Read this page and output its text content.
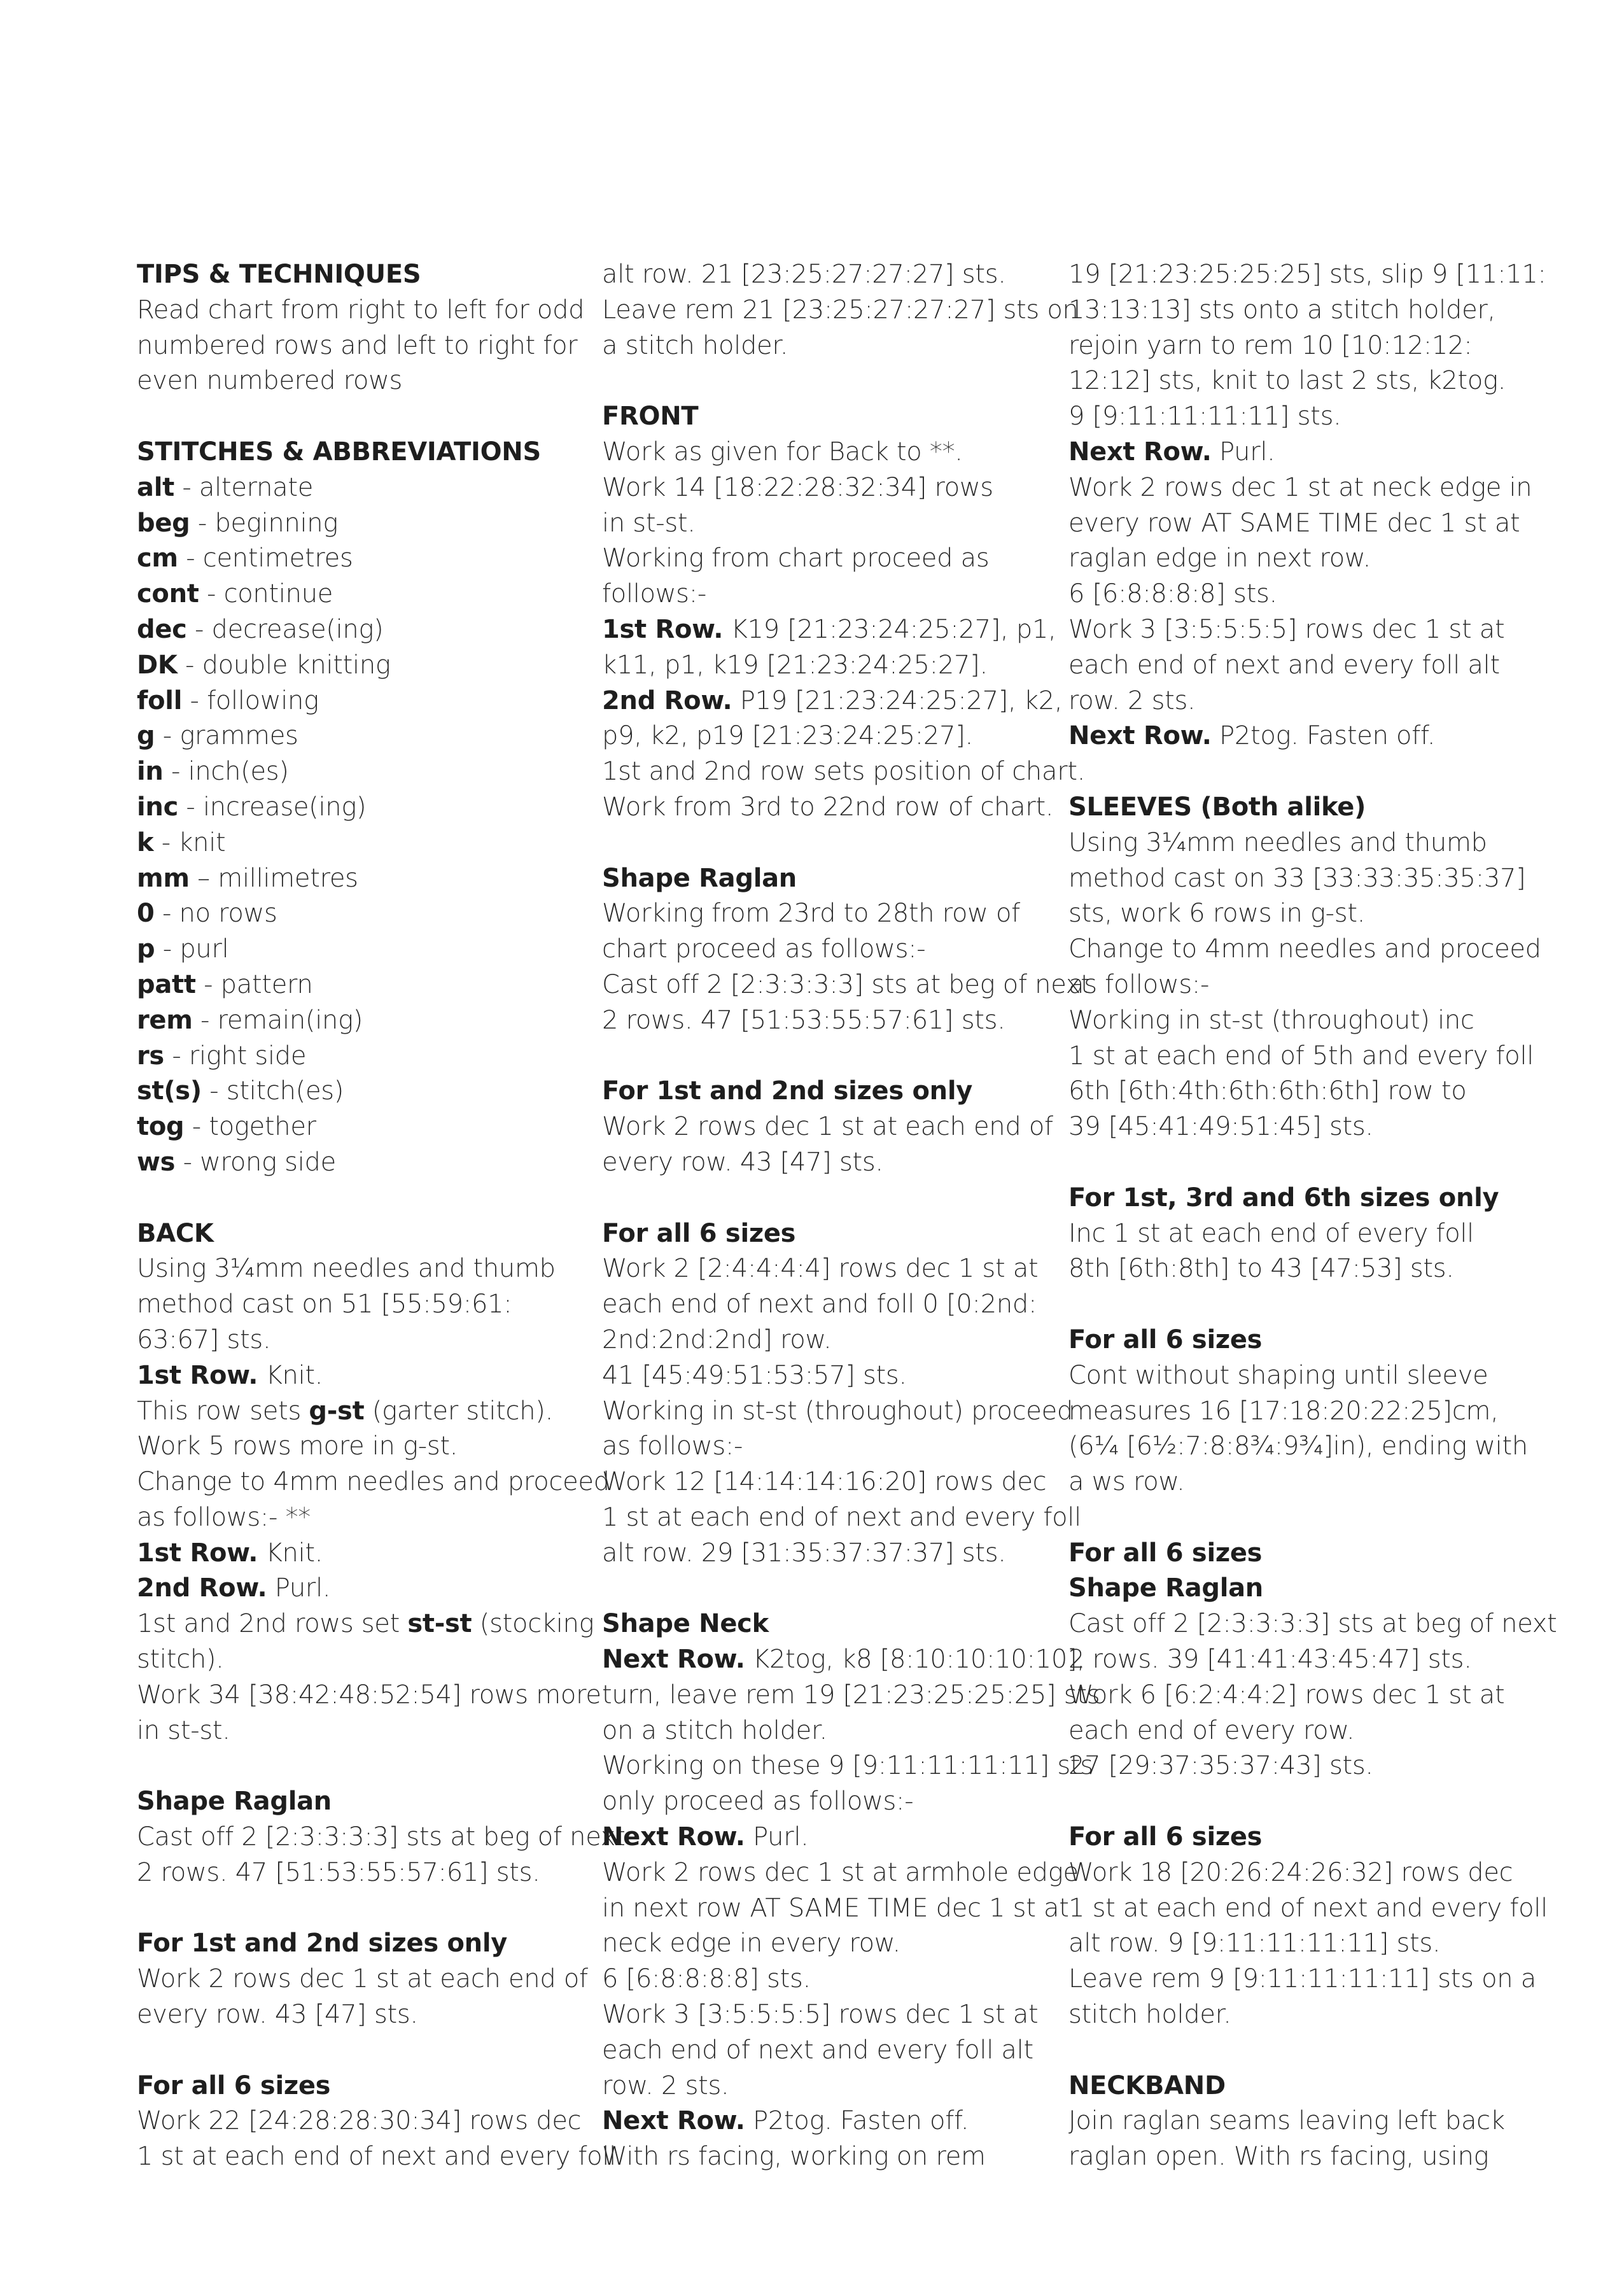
TIPS & TECHNIQUES
Read chart from right to left for odd
numbered rows and left to right for
even numbered rows
STITCHES & ABBREVIATIONS
alt - alternate
beg - beginning
cm - centimetres
cont - continue
dec - decrease(ing)
DK - double knitting
foll - following
g - grammes
in - inch(es)
inc - increase(ing)
k - knit
mm – millimetres
0 - no rows
p - purl
patt - pattern
rem - remain(ing)
rs - right side
st(s) - stitch(es)
tog - together
ws - wrong side
BACK
Using 3¼mm needles and thumb
method cast on 51 [55:59:61:
63:67] sts.
1st Row. Knit.
This row sets g-st (garter stitch).
Work 5 rows more in g-st.
Change to 4mm needles and proceed
as follows:- **
1st Row. Knit.
2nd Row. Purl.
1st and 2nd rows set st-st (stocking
stitch).
Work 34 [38:42:48:52:54] rows more
in st-st.
Shape Raglan
Cast off 2 [2:3:3:3:3] sts at beg of next
2 rows. 47 [51:53:55:57:61] sts.
For 1st and 2nd sizes only
Work 2 rows dec 1 st at each end of
every row. 43 [47] sts.
For all 6 sizes
Work 22 [24:28:28:30:34] rows dec
1 st at each end of next and every foll
alt row. 21 [23:25:27:27:27] sts.
Leave rem 21 [23:25:27:27:27] sts on
a stitch holder.
FRONT
Work as given for Back to **.
Work 14 [18:22:28:32:34] rows
in st-st.
Working from chart proceed as
follows:-
1st Row. K19 [21:23:24:25:27], p1,
k11, p1, k19 [21:23:24:25:27].
2nd Row. P19 [21:23:24:25:27], k2,
p9, k2, p19 [21:23:24:25:27].
1st and 2nd row sets position of chart.
Work from 3rd to 22nd row of chart.
Shape Raglan
Working from 23rd to 28th row of
chart proceed as follows:-
Cast off 2 [2:3:3:3:3] sts at beg of next
2 rows. 47 [51:53:55:57:61] sts.
For 1st and 2nd sizes only
Work 2 rows dec 1 st at each end of
every row. 43 [47] sts.
For all 6 sizes
Work 2 [2:4:4:4:4] rows dec 1 st at
each end of next and foll 0 [0:2nd:
2nd:2nd:2nd] row.
41 [45:49:51:53:57] sts.
Working in st-st (throughout) proceed
as follows:-
Work 12 [14:14:14:16:20] rows dec
1 st at each end of next and every foll
alt row. 29 [31:35:37:37:37] sts.
Shape Neck
Next Row. K2tog, k8 [8:10:10:10:10],
turn, leave rem 19 [21:23:25:25:25] sts
on a stitch holder.
Working on these 9 [9:11:11:11:11] sts
only proceed as follows:-
Next Row. Purl.
Work 2 rows dec 1 st at armhole edge
in next row AT SAME TIME dec 1 st at
neck edge in every row.
6 [6:8:8:8:8] sts.
Work 3 [3:5:5:5:5] rows dec 1 st at
each end of next and every foll alt
row. 2 sts.
Next Row. P2tog. Fasten off.
With rs facing, working on rem
19 [21:23:25:25:25] sts, slip 9 [11:11:
13:13:13] sts onto a stitch holder,
rejoin yarn to rem 10 [10:12:12:
12:12] sts, knit to last 2 sts, k2tog.
9 [9:11:11:11:11] sts.
Next Row. Purl.
Work 2 rows dec 1 st at neck edge in
every row AT SAME TIME dec 1 st at
raglan edge in next row.
6 [6:8:8:8:8] sts.
Work 3 [3:5:5:5:5] rows dec 1 st at
each end of next and every foll alt
row. 2 sts.
Next Row. P2tog. Fasten off.
SLEEVES (Both alike)
Using 3¼mm needles and thumb
method cast on 33 [33:33:35:35:37]
sts, work 6 rows in g-st.
Change to 4mm needles and proceed
as follows:-
Working in st-st (throughout) inc
1 st at each end of 5th and every foll
6th [6th:4th:6th:6th:6th] row to
39 [45:41:49:51:45] sts.
For 1st, 3rd and 6th sizes only
Inc 1 st at each end of every foll
8th [6th:8th] to 43 [47:53] sts.
For all 6 sizes
Cont without shaping until sleeve
measures 16 [17:18:20:22:25]cm,
(6¼ [6½:7:8:8¾:9¾]in), ending with
a ws row.
For all 6 sizes
Shape Raglan
Cast off 2 [2:3:3:3:3] sts at beg of next
2 rows. 39 [41:41:43:45:47] sts.
Work 6 [6:2:4:4:2] rows dec 1 st at
each end of every row.
27 [29:37:35:37:43] sts.
For all 6 sizes
Work 18 [20:26:24:26:32] rows dec
1 st at each end of next and every foll
alt row. 9 [9:11:11:11:11] sts.
Leave rem 9 [9:11:11:11:11] sts on a
stitch holder.
NECKBAND
Join raglan seams leaving left back
raglan open. With rs facing, using
